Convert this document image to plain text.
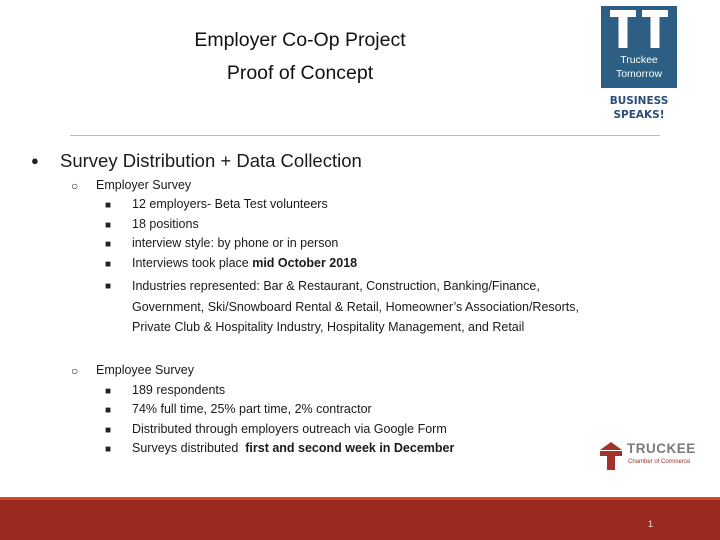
Employer Co-Op Project
Proof of Concept
Truckee
Tomorrow
BUSINESS
SPEAKS!
● Survey Distribution + Data Collection
○ Employer Survey
■ 12 employers- Beta Test volunteers
■ 18 positions
■ interview style: by phone or in person
■ Interviews took place mid October 2018
■ Industries represented: Bar & Restaurant, Construction, Banking/Finance,
Government, Ski/Snowboard Rental & Retail, Homeowner’s Association/Resorts,
Private Club & Hospitality Industry, Hospitality Management, and Retail
○ Employee Survey
■ 189 respondents
■ 74% full time, 25% part time, 2% contractor
■ Distributed through employers outreach via Google Form
■ Surveys distributed  first and second week in December	TRUCKEE
Chamber of Commerce
1
